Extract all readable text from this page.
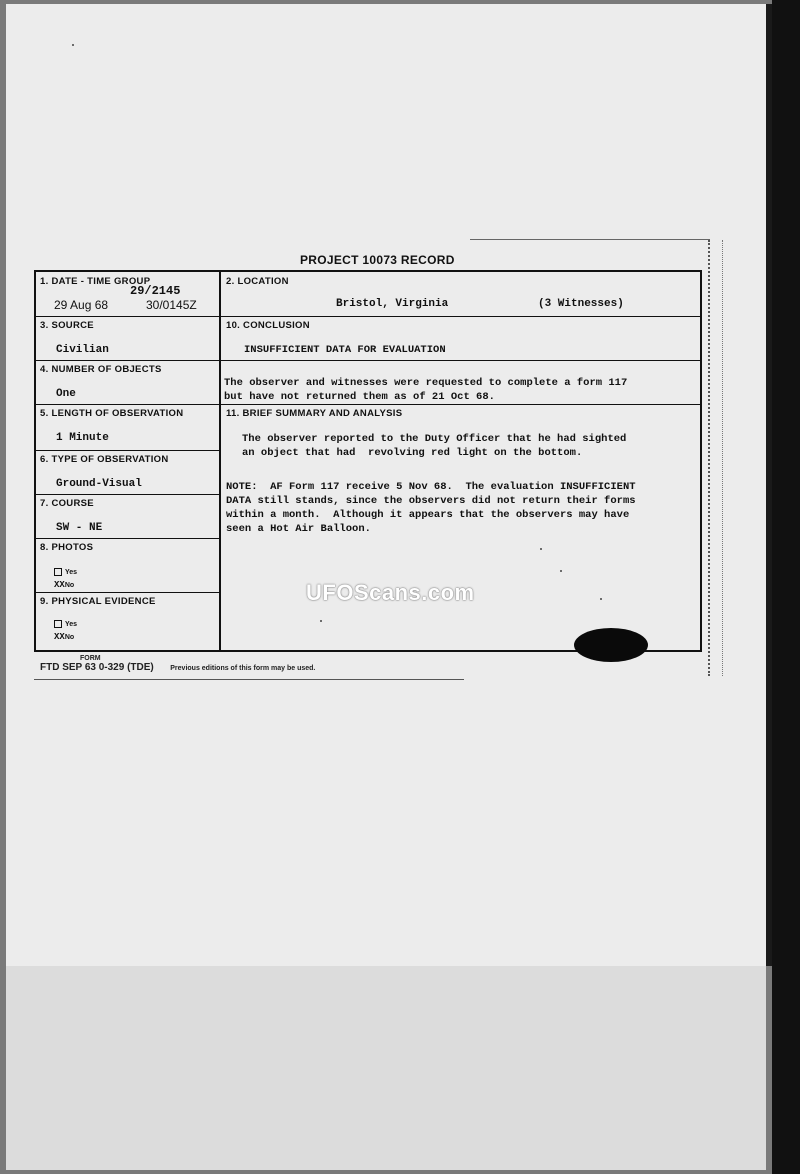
PROJECT 10073 RECORD
1. DATE - TIME GROUP
29/2145
29 Aug 68	30/0145Z
2. LOCATION
Bristol, Virginia	(3 Witnesses)
3. SOURCE
Civilian
4. NUMBER OF OBJECTS
One
5. LENGTH OF OBSERVATION
1 Minute
6. TYPE OF OBSERVATION
Ground-Visual
7. COURSE
SW - NE
8. PHOTOS
Yes
XXNo
9. PHYSICAL EVIDENCE
Yes
XXNo
10. CONCLUSION
INSUFFICIENT DATA FOR EVALUATION
The observer and witnesses were requested to complete a form 117
but have not returned them as of 21 Oct 68.
11. BRIEF SUMMARY AND ANALYSIS
The observer reported to the Duty Officer that he had sighted
an object that had  revolving red light on the bottom.
NOTE:  AF Form 117 receive 5 Nov 68.  The evaluation INSUFFICIENT
DATA still stands, since the observers did not return their forms
within a month.  Although it appears that the observers may have
seen a Hot Air Balloon.
FORM
FTD SEP 63 0-329 (TDE) Previous editions of this form may be used.
UFOScans.com
